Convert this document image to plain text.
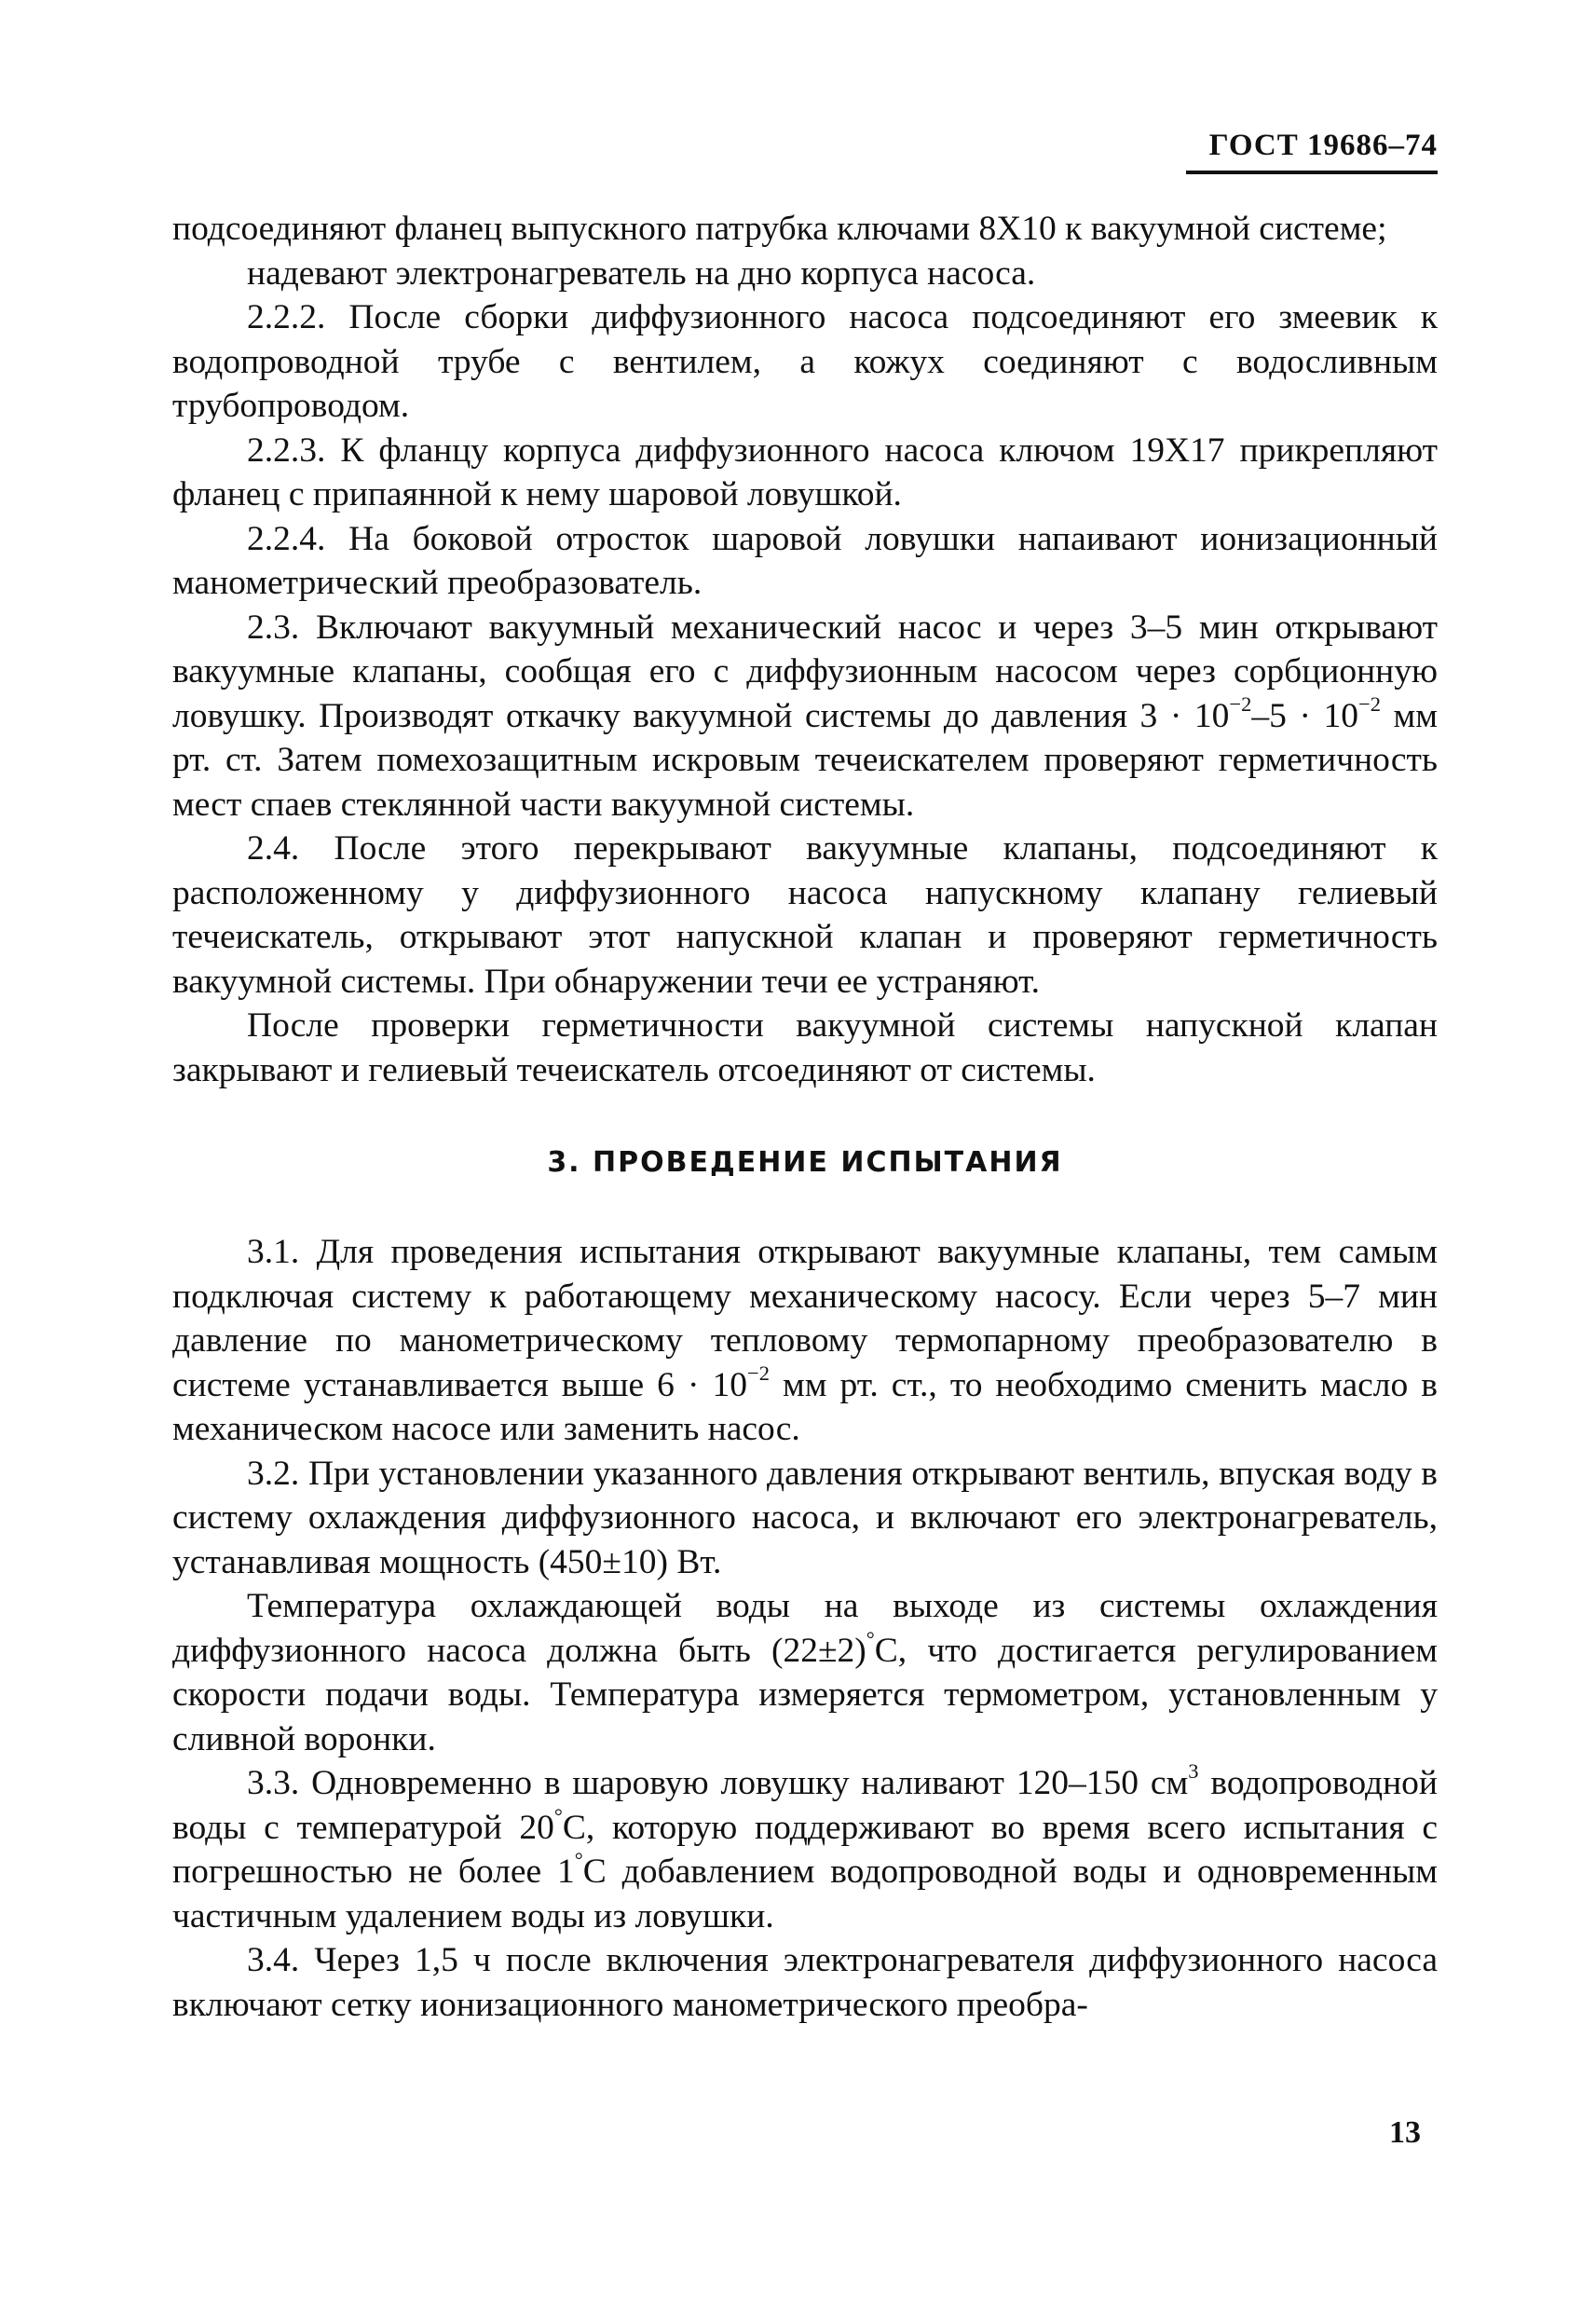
ГОСТ 19686–74

подсоединяют фланец выпускного патрубка ключами 8Х10 к вакуумной системе;

надевают электронагреватель на дно корпуса насоса.

2.2.2. После сборки диффузионного насоса подсоединяют его змеевик к водопроводной трубе с вентилем, а кожух соединяют с водосливным трубопроводом.

2.2.3. К фланцу корпуса диффузионного насоса ключом 19Х17 прикрепляют фланец с припаянной к нему шаровой ловушкой.

2.2.4. На боковой отросток шаровой ловушки напаивают ионизационный манометрический преобразователь.

2.3. Включают вакуумный механический насос и через 3–5 мин открывают вакуумные клапаны, сообщая его с диффузионным насосом через сорбционную ловушку. Производят откачку вакуумной системы до давления $3 \cdot 10^{-2}-5 \cdot 10^{-2}$ мм рт. ст. Затем помехозащитным искровым течеискателем проверяют герметичность мест спаев стеклянной части вакуумной системы.

2.4. После этого перекрывают вакуумные клапаны, подсоединяют к расположенному у диффузионного насоса напускному клапану гелиевый течеискатель, открывают этот напускной клапан и проверяют герметичность вакуумной системы. При обнаружении течи ее устраняют.

После проверки герметичности вакуумной системы напускной клапан закрывают и гелиевый течеискатель отсоединяют от системы.

3. ПРОВЕДЕНИЕ ИСПЫТАНИЯ

3.1. Для проведения испытания открывают вакуумные клапаны, тем самым подключая систему к работающему механическому насосу. Если через 5–7 мин давление по манометрическому тепловому термопарному преобразователю в системе устанавливается выше $6 \cdot 10^{-2}$ мм рт. ст., то необходимо сменить масло в механическом насосе или заменить насос.

3.2. При установлении указанного давления открывают вентиль, впуская воду в систему охлаждения диффузионного насоса, и включают его электронагреватель, устанавливая мощность (450±10) Вт.

Температура охлаждающей воды на выходе из системы охлаждения диффузионного насоса должна быть (22±2)°С, что достигается регулированием скорости подачи воды. Температура измеряется термометром, установленным у сливной воронки.

3.3. Одновременно в шаровую ловушку наливают 120–150 $см^3$ водопроводной воды с температурой 20°С, которую поддерживают во время всего испытания с погрешностью не более 1°С добавлением водопроводной воды и одновременным частичным удалением воды из ловушки.

3.4. Через 1,5 ч после включения электронагревателя диффузионного насоса включают сетку ионизационного манометрического преобра-

13
